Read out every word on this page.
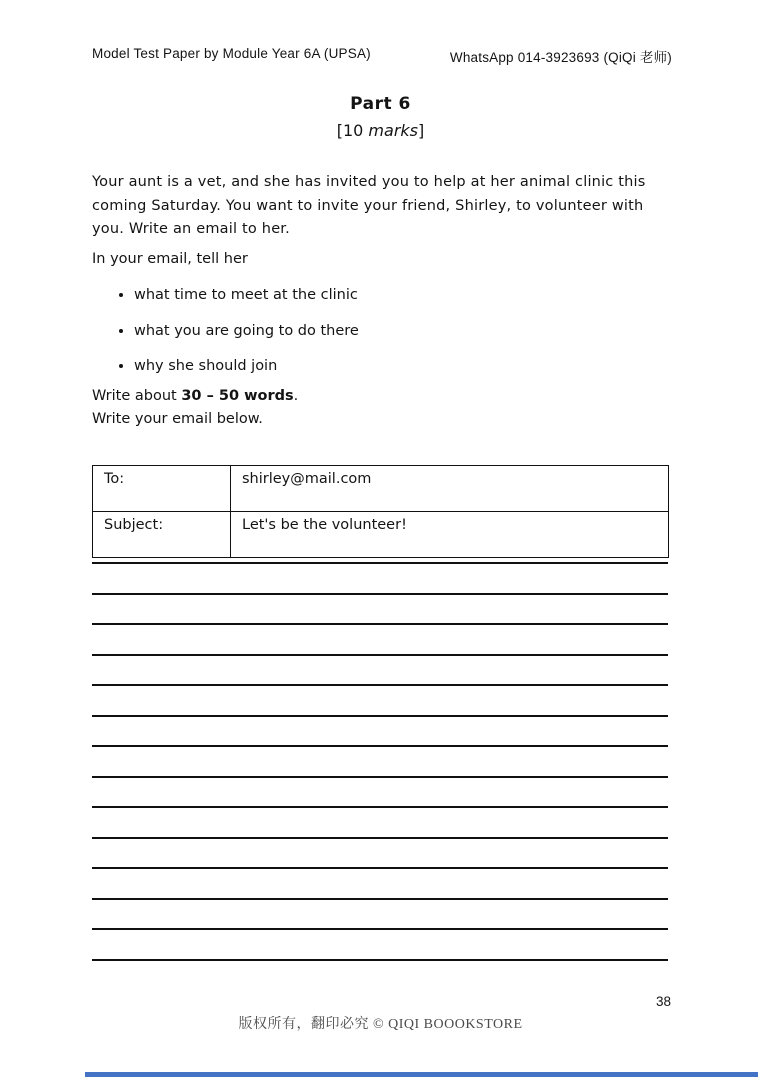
Model Test Paper by Module Year 6A (UPSA)	WhatsApp 014-3923693 (QiQi 老师)
Part 6
[10 marks]
Your aunt is a vet, and she has invited you to help at her animal clinic this coming Saturday. You want to invite your friend, Shirley, to volunteer with you. Write an email to her.
In your email, tell her
• what time to meet at the clinic
• what you are going to do there
• why she should join
Write about 30 – 50 words.
Write your email below.
To:	shirley@mail.com
Subject:	Let's be the volunteer!
38
版权所有，翻印必究 © QIQI BOOOKSTORE
